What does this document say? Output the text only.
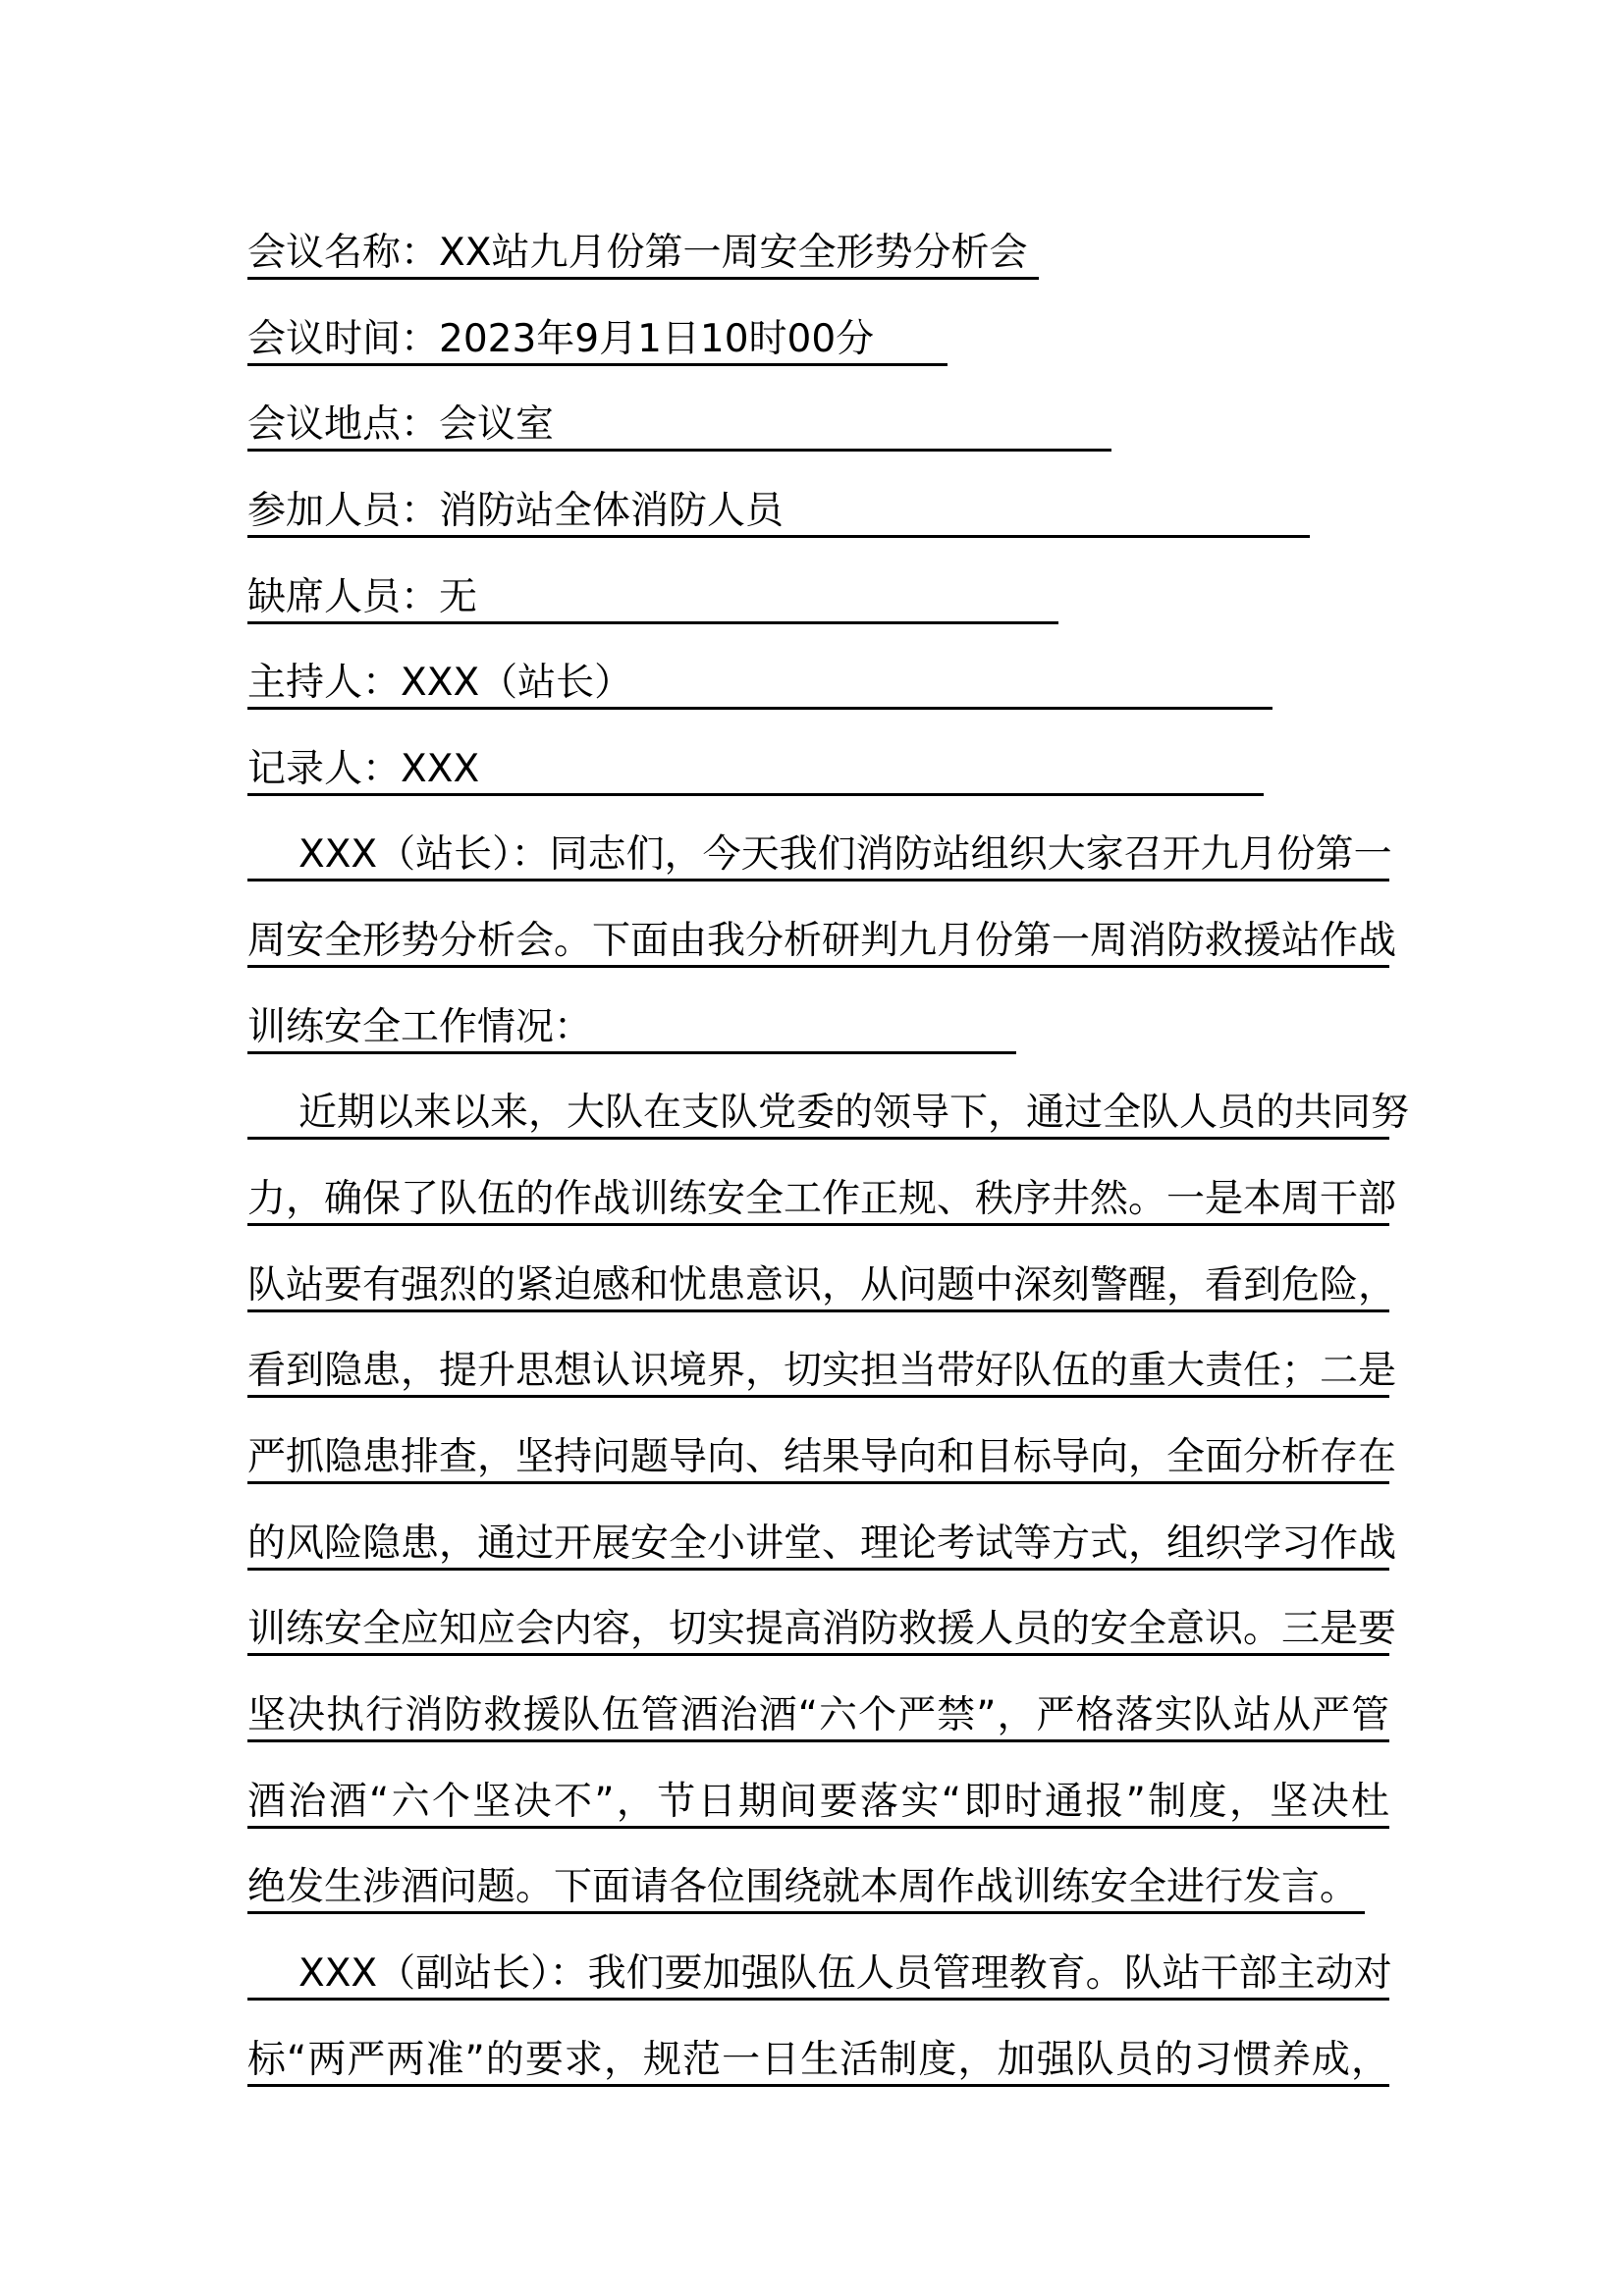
会议名称：XX站九月份第一周安全形势分析会
会议时间：2023年9月1日10时00分
会议地点：会议室
参加人员：消防站全体消防人员
缺席人员：无
主持人：XXX（站长）
记录人：XXX
XXX（站长）：同志们，今天我们消防站组织大家召开九月份第一
周安全形势分析会。下面由我分析研判九月份第一周消防救援站作战
训练安全工作情况：
近期以来以来，大队在支队党委的领导下，通过全队人员的共同努
力，确保了队伍的作战训练安全工作正规、秩序井然。一是本周干部
队站要有强烈的紧迫感和忧患意识，从问题中深刻警醒，看到危险，
看到隐患，提升思想认识境界，切实担当带好队伍的重大责任；二是
严抓隐患排查，坚持问题导向、结果导向和目标导向，全面分析存在
的风险隐患，通过开展安全小讲堂、理论考试等方式，组织学习作战
训练安全应知应会内容，切实提高消防救援人员的安全意识。三是要
坚决执行消防救援队伍管酒治酒“六个严禁”，严格落实队站从严管
酒治酒“六个坚决不”，节日期间要落实“即时通报”制度，坚决杜
绝发生涉酒问题。下面请各位围绕就本周作战训练安全进行发言。
XXX（副站长）：我们要加强队伍人员管理教育。队站干部主动对
标“两严两准”的要求，规范一日生活制度，加强队员的习惯养成，
